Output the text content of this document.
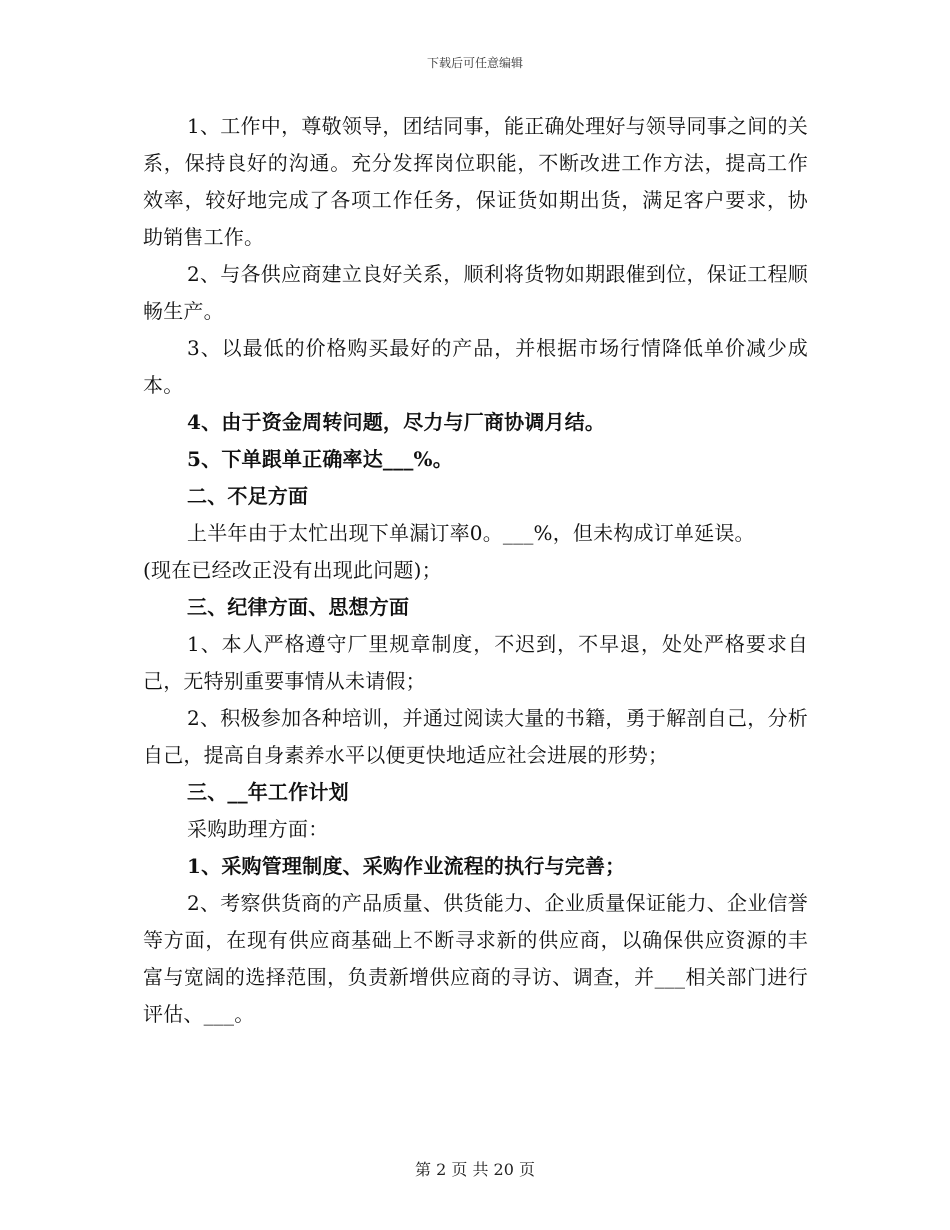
下载后可任意编辑

1、工作中，尊敬领导，团结同事，能正确处理好与领导同事之间的关系，保持良好的沟通。充分发挥岗位职能，不断改进工作方法，提高工作效率，较好地完成了各项工作任务，保证货如期出货，满足客户要求，协助销售工作。

2、与各供应商建立良好关系，顺利将货物如期跟催到位，保证工程顺畅生产。

3、以最低的价格购买最好的产品，并根据市场行情降低单价减少成本。

4、由于资金周转问题，尽力与厂商协调月结。

5、下单跟单正确率达___%。

二、不足方面

上半年由于太忙出现下单漏订率0。___%，但未构成订单延误。

(现在已经改正没有出现此问题)；

三、纪律方面、思想方面

1、本人严格遵守厂里规章制度，不迟到，不早退，处处严格要求自己，无特别重要事情从未请假；

2、积极参加各种培训，并通过阅读大量的书籍，勇于解剖自己，分析自己，提高自身素养水平以便更快地适应社会进展的形势；

三、__年工作计划

采购助理方面：

1、采购管理制度、采购作业流程的执行与完善；

2、考察供货商的产品质量、供货能力、企业质量保证能力、企业信誉等方面，在现有供应商基础上不断寻求新的供应商，以确保供应资源的丰富与宽阔的选择范围，负责新增供应商的寻访、调查，并___相关部门进行评估、___。

第 2 页 共 20 页
